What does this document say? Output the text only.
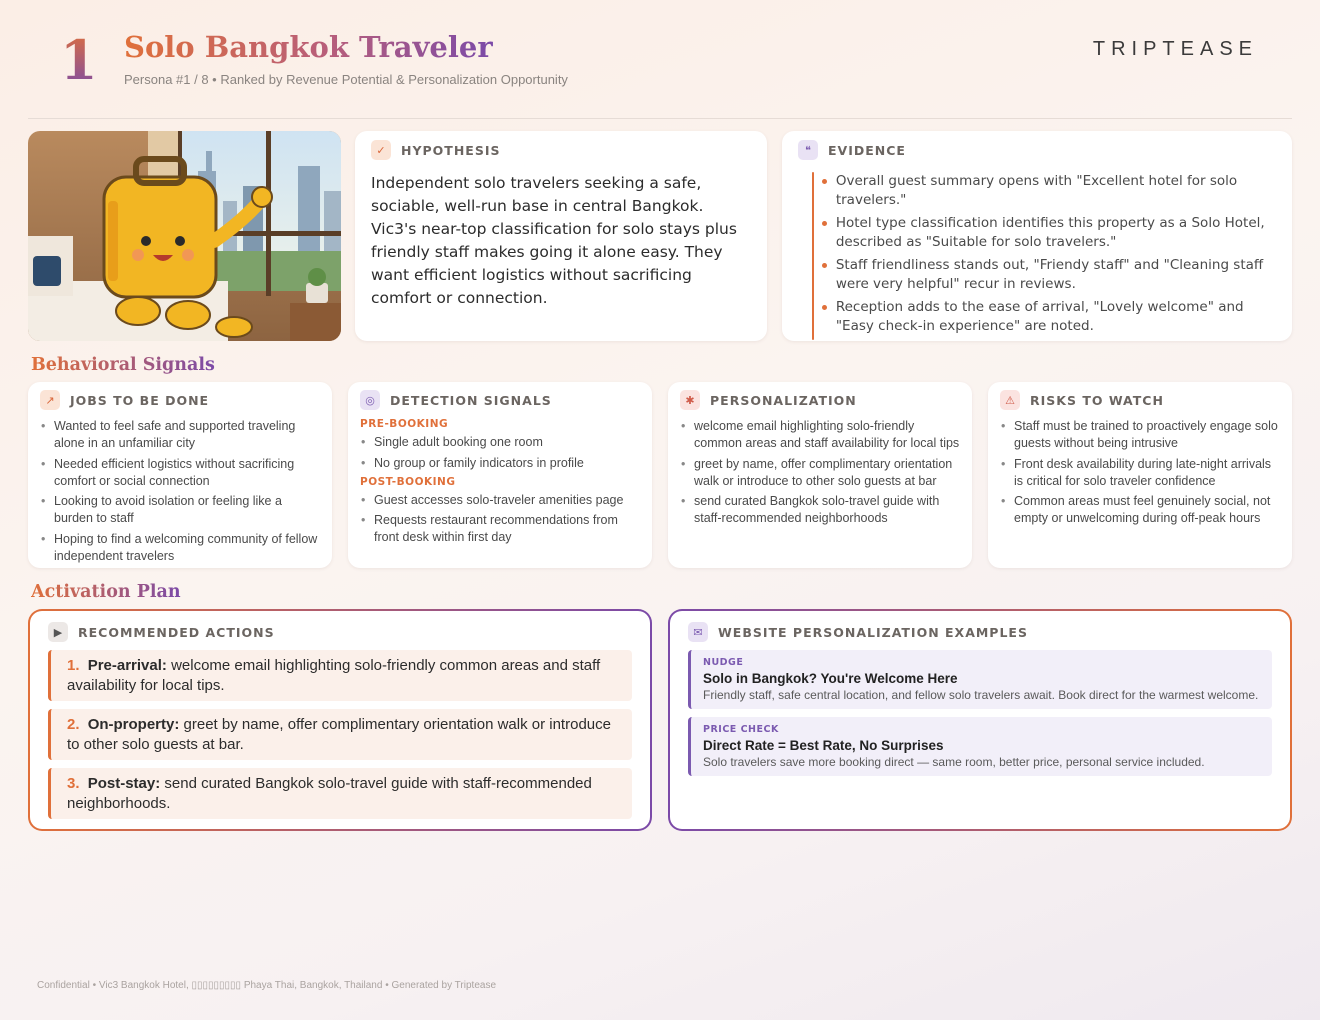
1 Solo Bangkok Traveler
Persona #1 / 8 • Ranked by Revenue Potential & Personalization Opportunity
TRIPTEASE
✓	HYPOTHESIS
Independent solo travelers seeking a safe, sociable, well-run base in central Bangkok. Vic3's near-top classification for solo stays plus friendly staff makes going it alone easy. They want efficient logistics without sacrificing comfort or connection.
❝	EVIDENCE
Overall guest summary opens with "Excellent hotel for solo travelers."
Hotel type classification identifies this property as a Solo Hotel, described as "Suitable for solo travelers."
Staff friendliness stands out, "Friendy staff" and "Cleaning staff were very helpful" recur in reviews.
Reception adds to the ease of arrival, "Lovely welcome" and "Easy check-in experience" are noted.
Behavioral Signals
↗	JOBS TO BE DONE
• Wanted to feel safe and supported traveling alone in an unfamiliar city
• Needed efficient logistics without sacrificing comfort or social connection
• Looking to avoid isolation or feeling like a burden to staff
• Hoping to find a welcoming community of fellow independent travelers
◎	DETECTION SIGNALS
PRE-BOOKING
• Single adult booking one room
• No group or family indicators in profile
POST-BOOKING
• Guest accesses solo-traveler amenities page
• Requests restaurant recommendations from front desk within first day
✱	PERSONALIZATION
• welcome email highlighting solo-friendly common areas and staff availability for local tips
• greet by name, offer complimentary orientation walk or introduce to other solo guests at bar
• send curated Bangkok solo-travel guide with staff-recommended neighborhoods
⚠	RISKS TO WATCH
• Staff must be trained to proactively engage solo guests without being intrusive
• Front desk availability during late-night arrivals is critical for solo traveler confidence
• Common areas must feel genuinely social, not empty or unwelcoming during off-peak hours
Activation Plan
▶	RECOMMENDED ACTIONS
1. Pre-arrival: welcome email highlighting solo-friendly common areas and staff availability for local tips.
2. On-property: greet by name, offer complimentary orientation walk or introduce to other solo guests at bar.
3. Post-stay: send curated Bangkok solo-travel guide with staff-recommended neighborhoods.
✉	WEBSITE PERSONALIZATION EXAMPLES
NUDGE
Solo in Bangkok? You're Welcome Here
Friendly staff, safe central location, and fellow solo travelers await. Book direct for the warmest welcome.
PRICE CHECK
Direct Rate = Best Rate, No Surprises
Solo travelers save more booking direct — same room, better price, personal service included.
Confidential • Vic3 Bangkok Hotel, ▯▯▯▯▯▯▯▯▯ Phaya Thai, Bangkok, Thailand • Generated by Triptease
